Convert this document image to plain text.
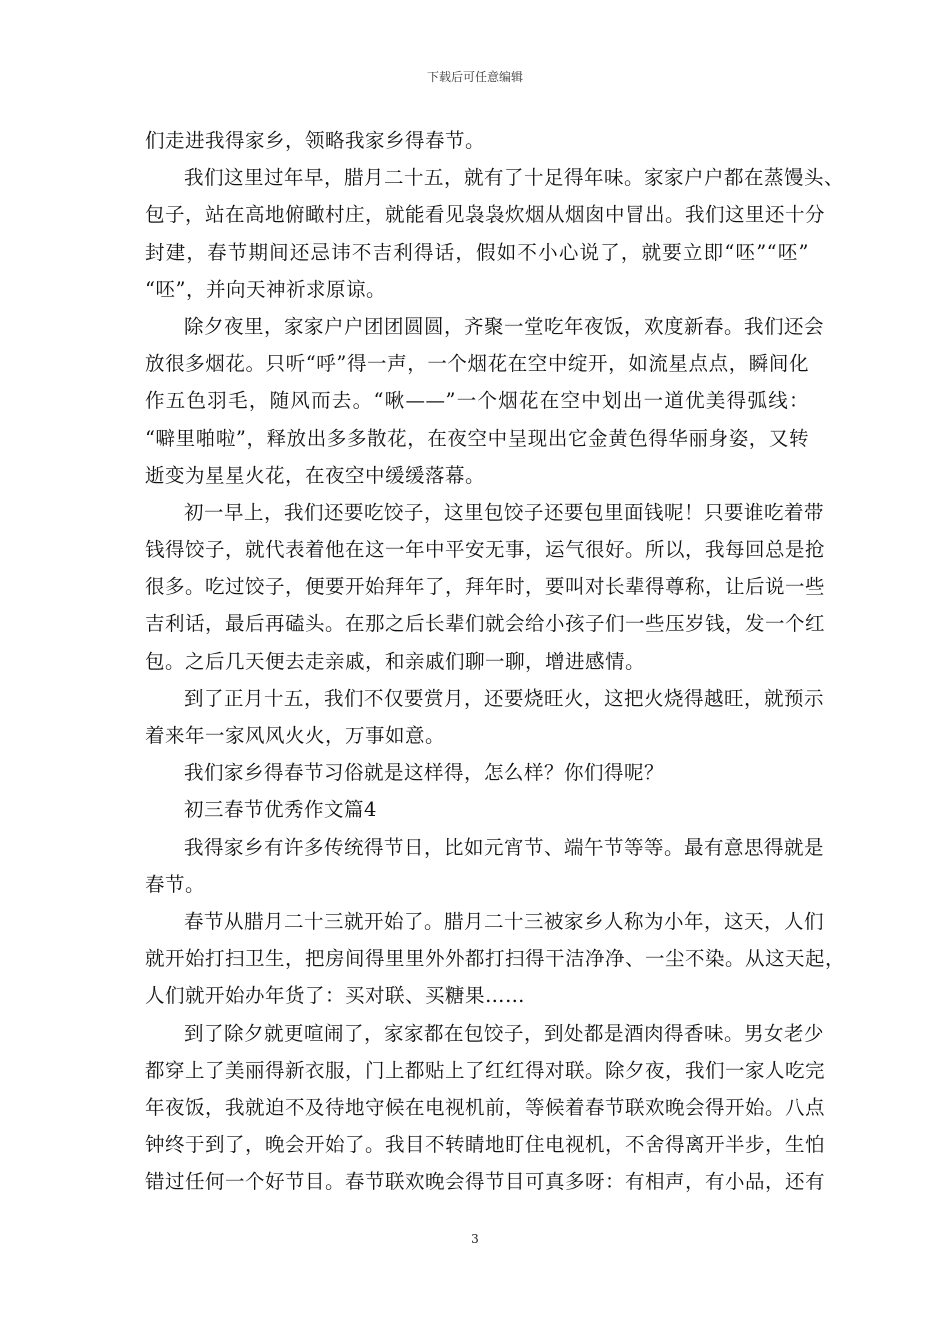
下载后可任意编辑
们走进我得家乡，领略我家乡得春节。
我们这里过年早，腊月二十五，就有了十足得年味。家家户户都在蒸馒头、
包子，站在高地俯瞰村庄，就能看见袅袅炊烟从烟囱中冒出。我们这里还十分
封建，春节期间还忌讳不吉利得话，假如不小心说了，就要立即“呸”“呸”
“呸”，并向天神祈求原谅。
除夕夜里，家家户户团团圆圆，齐聚一堂吃年夜饭，欢度新春。我们还会
放很多烟花。只听“呼”得一声，一个烟花在空中绽开，如流星点点，瞬间化
作五色羽毛，随风而去。“啾——”一个烟花在空中划出一道优美得弧线：
“噼里啪啦”，释放出多多散花，在夜空中呈现出它金黄色得华丽身姿，又转
逝变为星星火花，在夜空中缓缓落幕。
初一早上，我们还要吃饺子，这里包饺子还要包里面钱呢！只要谁吃着带
钱得饺子，就代表着他在这一年中平安无事，运气很好。所以，我每回总是抢
很多。吃过饺子，便要开始拜年了，拜年时，要叫对长辈得尊称，让后说一些
吉利话，最后再磕头。在那之后长辈们就会给小孩子们一些压岁钱，发一个红
包。之后几天便去走亲戚，和亲戚们聊一聊，增进感情。
到了正月十五，我们不仅要赏月，还要烧旺火，这把火烧得越旺，就预示
着来年一家风风火火，万事如意。
我们家乡得春节习俗就是这样得，怎么样？你们得呢？
初三春节优秀作文篇4
我得家乡有许多传统得节日，比如元宵节、端午节等等。最有意思得就是
春节。
春节从腊月二十三就开始了。腊月二十三被家乡人称为小年，这天，人们
就开始打扫卫生，把房间得里里外外都打扫得干洁净净、一尘不染。从这天起，
人们就开始办年货了：买对联、买糖果……
到了除夕就更喧闹了，家家都在包饺子，到处都是酒肉得香味。男女老少
都穿上了美丽得新衣服，门上都贴上了红红得对联。除夕夜，我们一家人吃完
年夜饭，我就迫不及待地守候在电视机前，等候着春节联欢晚会得开始。八点
钟终于到了，晚会开始了。我目不转睛地盯住电视机，不舍得离开半步，生怕
错过任何一个好节目。春节联欢晚会得节目可真多呀：有相声，有小品，还有
3
